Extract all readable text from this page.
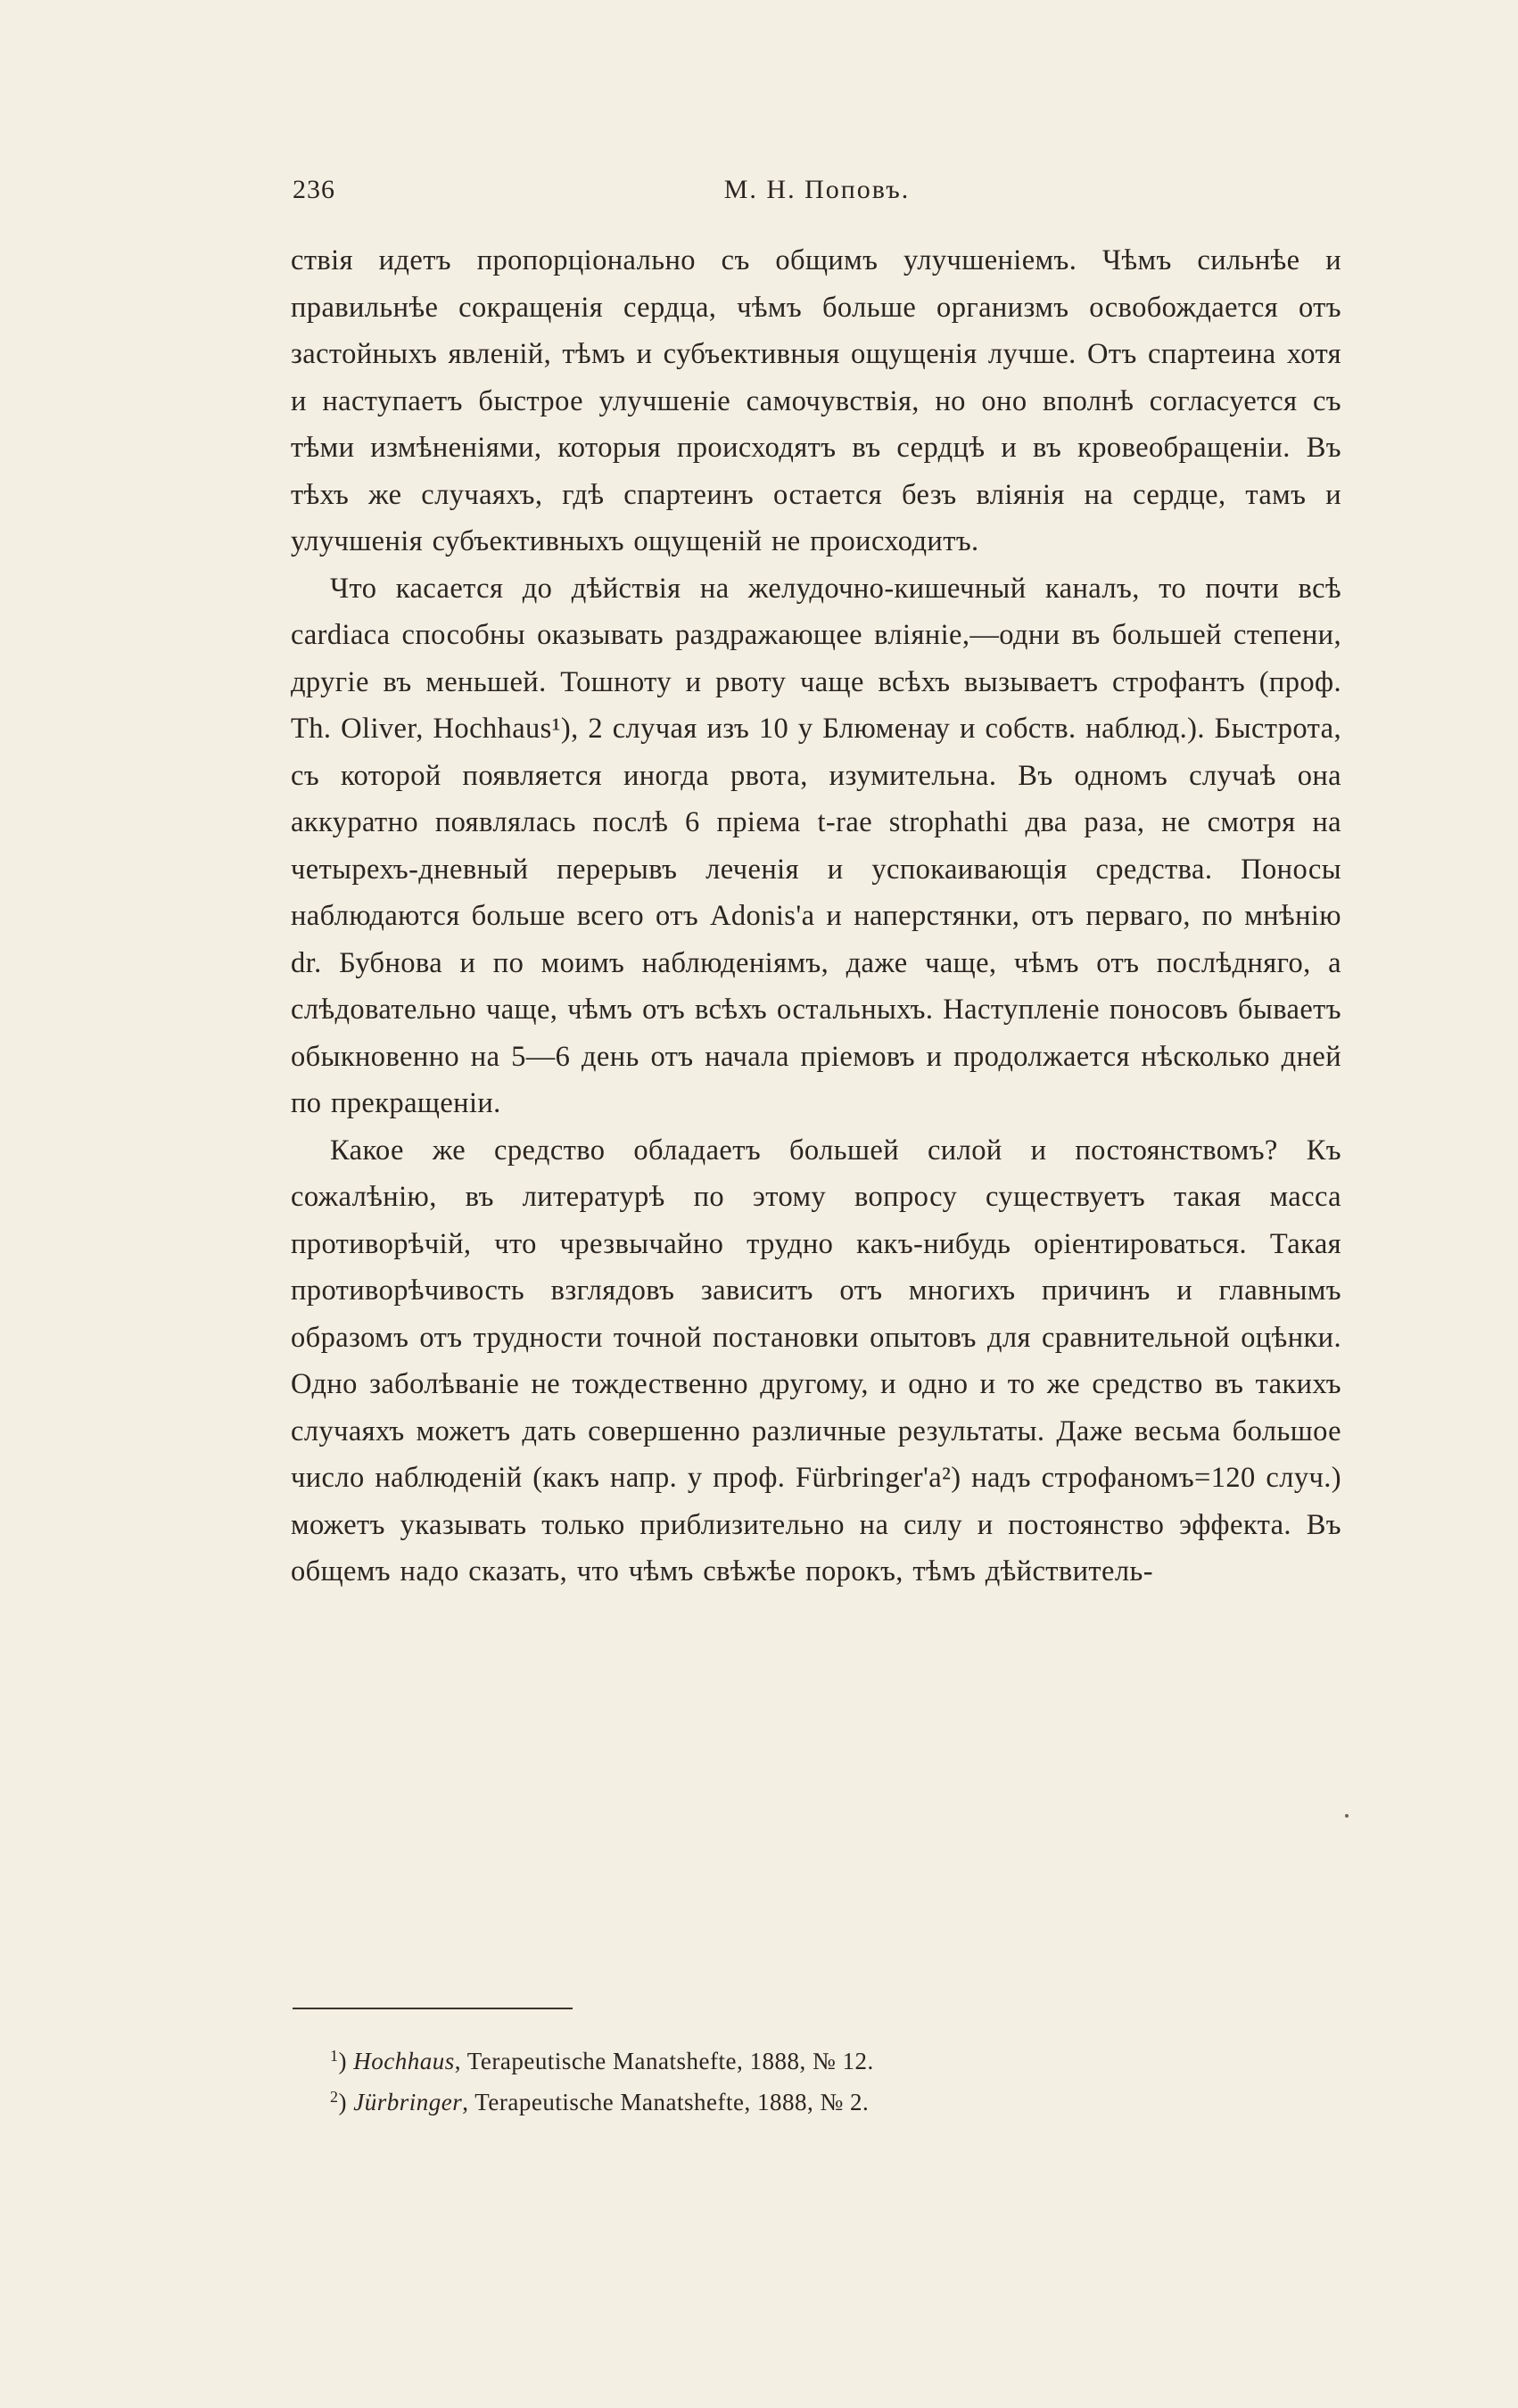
236	М. Н. Поповъ.

ствія идетъ пропорціонально съ общимъ улучшеніемъ. Чѣмъ сильнѣе и правильнѣе сокращенія сердца, чѣмъ больше организмъ освобождается отъ застойныхъ явленій, тѣмъ и субъективныя ощущенія лучше. Отъ спартеина хотя и наступаетъ быстрое улучшеніе самочувствія, но оно вполнѣ согласуется съ тѣми измѣненіями, которыя происходятъ въ сердцѣ и въ кровеобращеніи. Въ тѣхъ же случаяхъ, гдѣ спартеинъ остается безъ вліянія на сердце, тамъ и улучшенія субъективныхъ ощущеній не происходитъ.

Что касается до дѣйствія на желудочно-кишечный каналъ, то почти всѣ cardiaca способны оказывать раздражающее вліяніе,—одни въ большей степени, другіе въ меньшей. Тошноту и рвоту чаще всѣхъ вызываетъ строфантъ (проф. Th. Oliver, Hochhaus¹), 2 случая изъ 10 у Блюменау и собств. наблюд.). Быстрота, съ которой появляется иногда рвота, изумительна. Въ одномъ случаѣ она аккуратно появлялась послѣ 6 пріема t-rae strophathi два раза, не смотря на четырехъ-дневный перерывъ леченія и успокаивающія средства. Поносы наблюдаются больше всего отъ Adonis'а и наперстянки, отъ перваго, по мнѣнію dr. Бубнова и по моимъ наблюденіямъ, даже чаще, чѣмъ отъ послѣдняго, а слѣдовательно чаще, чѣмъ отъ всѣхъ остальныхъ. Наступленіе поносовъ бываетъ обыкновенно на 5—6 день отъ начала пріемовъ и продолжается нѣсколько дней по прекращеніи.

Какое же средство обладаетъ большей силой и постоянствомъ? Къ сожалѣнію, въ литературѣ по этому вопросу существуетъ такая масса противорѣчій, что чрезвычайно трудно какъ-нибудь оріентироваться. Такая противорѣчивость взглядовъ зависитъ отъ многихъ причинъ и главнымъ образомъ отъ трудности точной постановки опытовъ для сравнительной оцѣнки. Одно заболѣваніе не тождественно другому, и одно и то же средство въ такихъ случаяхъ можетъ дать совершенно различные результаты. Даже весьма большое число наблюденій (какъ напр. у проф. Fürbringer'а²) надъ строфаномъ=120 случ.) можетъ указывать только приблизительно на силу и постоянство эффекта. Въ общемъ надо сказать, что чѣмъ свѣжѣе порокъ, тѣмъ дѣйствитель-

$^1$) Hochhaus, Terapeutische Manatshefte, 1888, № 12.

$^2$) Jürbringer, Terapeutische Manatshefte, 1888, № 2.
